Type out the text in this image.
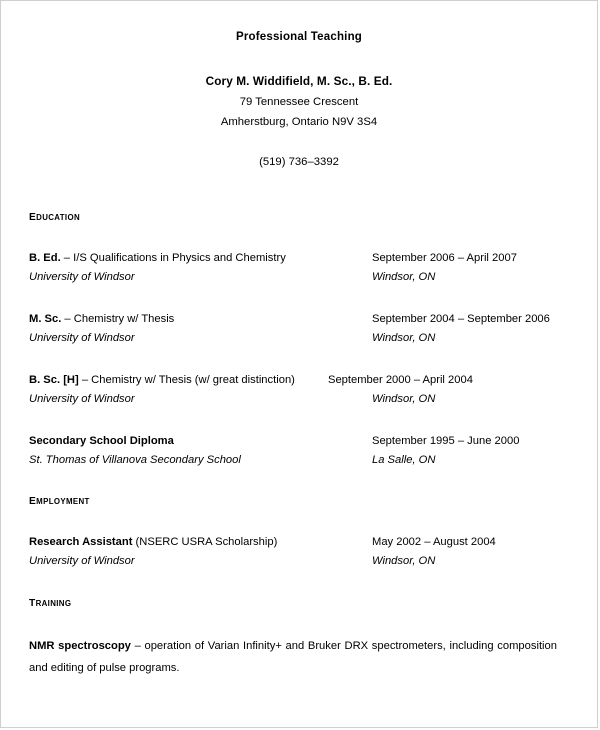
Professional Teaching
Cory M. Widdifield, M. Sc., B. Ed.
79 Tennessee Crescent
Amherstburg, Ontario N9V 3S4
(519) 736–3392
EDUCATION
B. Ed. – I/S Qualifications in Physics and Chemistry	September 2006 – April 2007
University of Windsor	Windsor, ON
M. Sc. – Chemistry w/ Thesis	September 2004 – September 2006
University of Windsor	Windsor, ON
B. Sc. [H] – Chemistry w/ Thesis (w/ great distinction)	September 2000 – April 2004
University of Windsor	Windsor, ON
Secondary School Diploma	September 1995 – June 2000
St. Thomas of Villanova Secondary School	La Salle, ON
EMPLOYMENT
Research Assistant (NSERC USRA Scholarship)	May 2002 – August 2004
University of Windsor	Windsor, ON
TRAINING
NMR spectroscopy – operation of Varian Infinity+ and Bruker DRX spectrometers, including composition and editing of pulse programs.
